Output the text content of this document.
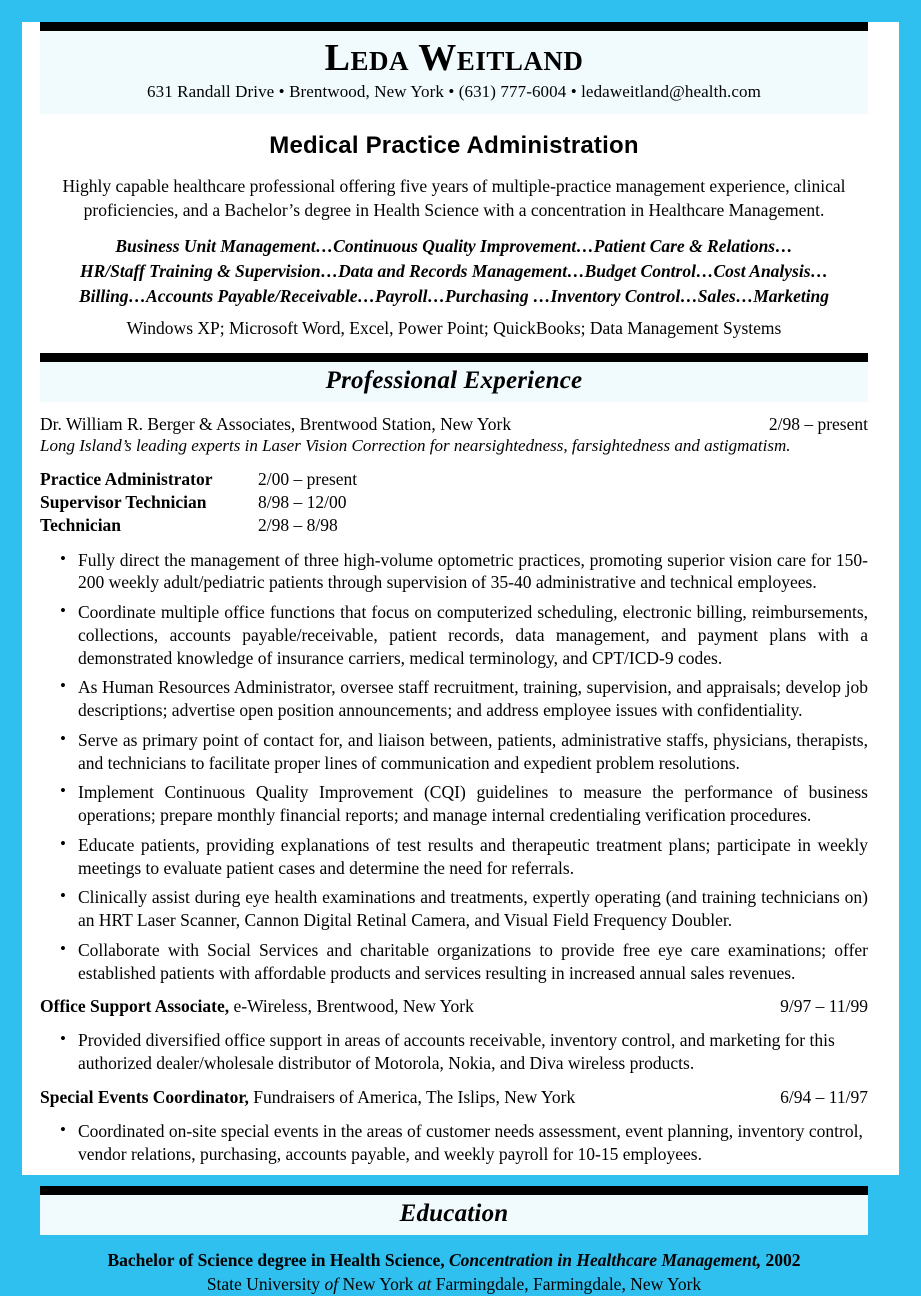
Leda Weitland
631 Randall Drive • Brentwood, New York • (631) 777-6004 • ledaweitland@health.com
Medical Practice Administration
Highly capable healthcare professional offering five years of multiple-practice management experience, clinical proficiencies, and a Bachelor’s degree in Health Science with a concentration in Healthcare Management.
Business Unit Management…Continuous Quality Improvement…Patient Care & Relations…
HR/Staff Training & Supervision…Data and Records Management…Budget Control…Cost Analysis…
Billing…Accounts Payable/Receivable…Payroll…Purchasing …Inventory Control…Sales…Marketing
Windows XP; Microsoft Word, Excel, Power Point; QuickBooks; Data Management Systems
Professional Experience
Dr. William R. Berger & Associates, Brentwood Station, New York	2/98 – present
Long Island’s leading experts in Laser Vision Correction for nearsightedness, farsightedness and astigmatism.
Practice Administrator	2/00 – present
Supervisor Technician	8/98 – 12/00
Technician	2/98 – 8/98
• Fully direct the management of three high-volume optometric practices, promoting superior vision care for 150-200 weekly adult/pediatric patients through supervision of 35-40 administrative and technical employees.
• Coordinate multiple office functions that focus on computerized scheduling, electronic billing, reimbursements, collections, accounts payable/receivable, patient records, data management, and payment plans with a demonstrated knowledge of insurance carriers, medical terminology, and CPT/ICD-9 codes.
• As Human Resources Administrator, oversee staff recruitment, training, supervision, and appraisals; develop job descriptions; advertise open position announcements; and address employee issues with confidentiality.
• Serve as primary point of contact for, and liaison between, patients, administrative staffs, physicians, therapists, and technicians to facilitate proper lines of communication and expedient problem resolutions.
• Implement Continuous Quality Improvement (CQI) guidelines to measure the performance of business operations; prepare monthly financial reports; and manage internal credentialing verification procedures.
• Educate patients, providing explanations of test results and therapeutic treatment plans; participate in weekly meetings to evaluate patient cases and determine the need for referrals.
• Clinically assist during eye health examinations and treatments, expertly operating (and training technicians on) an HRT Laser Scanner, Cannon Digital Retinal Camera, and Visual Field Frequency Doubler.
• Collaborate with Social Services and charitable organizations to provide free eye care examinations; offer established patients with affordable products and services resulting in increased annual sales revenues.
Office Support Associate, e-Wireless, Brentwood, New York	9/97 – 11/99
• Provided diversified office support in areas of accounts receivable, inventory control, and marketing for this authorized dealer/wholesale distributor of Motorola, Nokia, and Diva wireless products.
Special Events Coordinator, Fundraisers of America, The Islips, New York	6/94 – 11/97
• Coordinated on-site special events in the areas of customer needs assessment, event planning, inventory control, vendor relations, purchasing, accounts payable, and weekly payroll for 10-15 employees.
Education
Bachelor of Science degree in Health Science, Concentration in Healthcare Management, 2002
State University of New York at Farmingdale, Farmingdale, New York
